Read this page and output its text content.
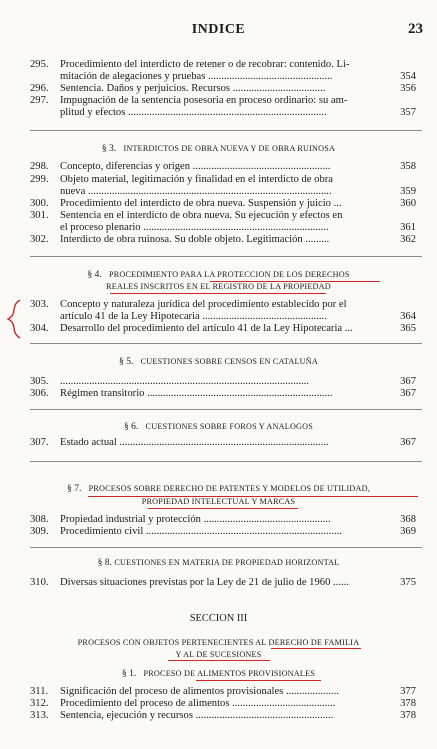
INDICE	23
295.	Procedimiento del interdicto de retener o de recobrar: contenido. Li-
mitación de alegaciones y pruebas ...............................................	354
296.	Sentencia. Daños y perjuicios. Recursos ...................................	356
297.	Impugnación de la sentencia posesoria en proceso ordinario: su am-
plitud y efectos ...........................................................................	357
§ 3. INTERDICTOS DE OBRA NUEVA Y DE OBRA RUINOSA
298.	Concepto, diferencias y origen ....................................................	358
299.	Objeto material, legitimación y finalidad en el interdicto de obra
nueva ............................................................................................	359
300.	Procedimiento del interdicto de obra nueva. Suspensión y juicio ...	360
301.	Sentencia en el interdicto de obra nueva. Su ejecución y efectos en
el proceso plenario ......................................................................	361
302.	Interdicto de obra ruinosa. Su doble objeto. Legitimación .........	362
§ 4. PROCEDIMIENTO PARA LA PROTECCION DE LOS DERECHOS
REALES INSCRITOS EN EL REGISTRO DE LA PROPIEDAD
303.	Concepto y naturaleza jurídica del procedimiento establecido por el
artículo 41 de la Ley Hipotecaria ...............................................	364
304.	Desarrollo del procedimiento del artículo 41 de la Ley Hipotecaria ...	365
§ 5. CUESTIONES SOBRE CENSOS EN CATALUÑA
305.	..............................................................................................	367
306.	Régimen transitorio ......................................................................	367
§ 6. CUESTIONES SOBRE FOROS Y ANALOGOS
307.	Estado actual ...............................................................................	367
§ 7. PROCESOS SOBRE DERECHO DE PATENTES Y MODELOS DE UTILIDAD,
PROPIEDAD INTELECTUAL Y MARCAS
308.	Propiedad industrial y protección ................................................	368
309.	Procedimiento civil ..........................................................................	369
§ 8. CUESTIONES EN MATERIA DE PROPIEDAD HORIZONTAL
310.	Diversas situaciones previstas por la Ley de 21 de julio de 1960 ......	375
SECCION III
PROCESOS CON OBJETOS PERTENECIENTES AL DERECHO DE FAMILIA
Y AL DE SUCESIONES
§ 1. PROCESO DE ALIMENTOS PROVISIONALES
311.	Significación del proceso de alimentos provisionales ....................	377
312.	Procedimiento del proceso de alimentos .......................................	378
313.	Sentencia, ejecución y recursos ....................................................	378
